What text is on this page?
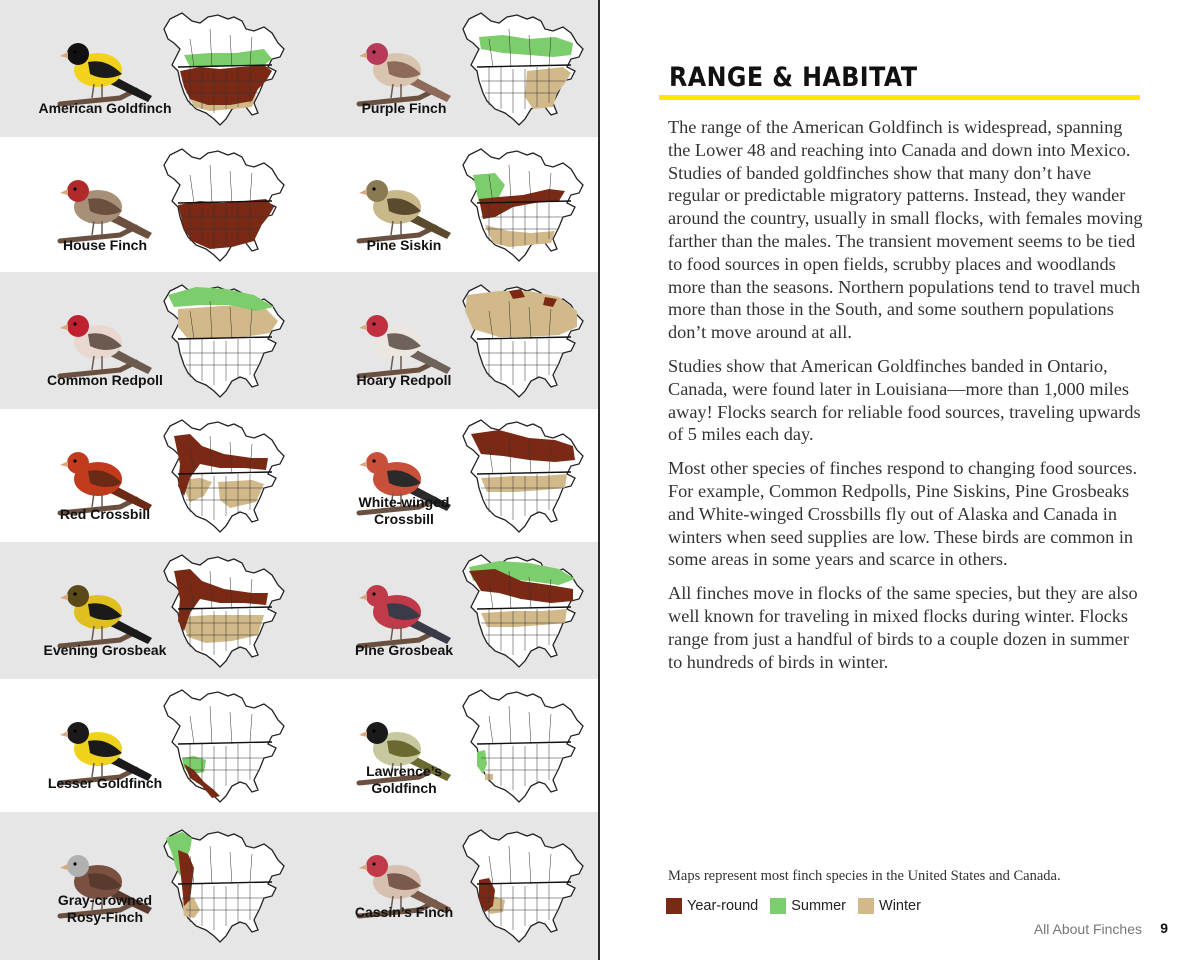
American Goldfinch	Purple Finch
House Finch	Pine Siskin
Common Redpoll	Hoary Redpoll
Red Crossbill
White-winged
Crossbill
Evening Grosbeak	Pine Grosbeak
Lesser Goldfinch
Lawrence’s
Goldfinch
Gray-crowned
Rosy-Finch	Cassin’s Finch
RANGE & HABITAT

The range of the American Goldfinch is widespread, spanning the Lower 48 and reaching into Canada and down into Mexico. Studies of banded goldfinches show that many don’t have regular or predictable migratory patterns. Instead, they wander around the country, usually in small flocks, with females moving farther than the males. The transient movement seems to be tied to food sources in open fields, scrubby places and woodlands more than the seasons. Northern populations tend to travel much more than those in the South, and some southern populations don’t move around at all.

Studies show that American Goldfinches banded in Ontario, Canada, were found later in Louisiana—more than 1,000 miles away! Flocks search for reliable food sources, traveling upwards of 5 miles each day.

Most other species of finches respond to changing food sources. For example, Common Redpolls, Pine Siskins, Pine Grosbeaks and White-winged Crossbills fly out of Alaska and Canada in winters when seed supplies are low. These birds are common in some areas in some years and scarce in others.

All finches move in flocks of the same species, but they are also well known for traveling in mixed flocks during winter. Flocks range from just a handful of birds to a couple dozen in summer to hundreds of birds in winter.

Maps represent most finch species in the United States and Canada.
Year-round Summer Winter
All About Finches 9
